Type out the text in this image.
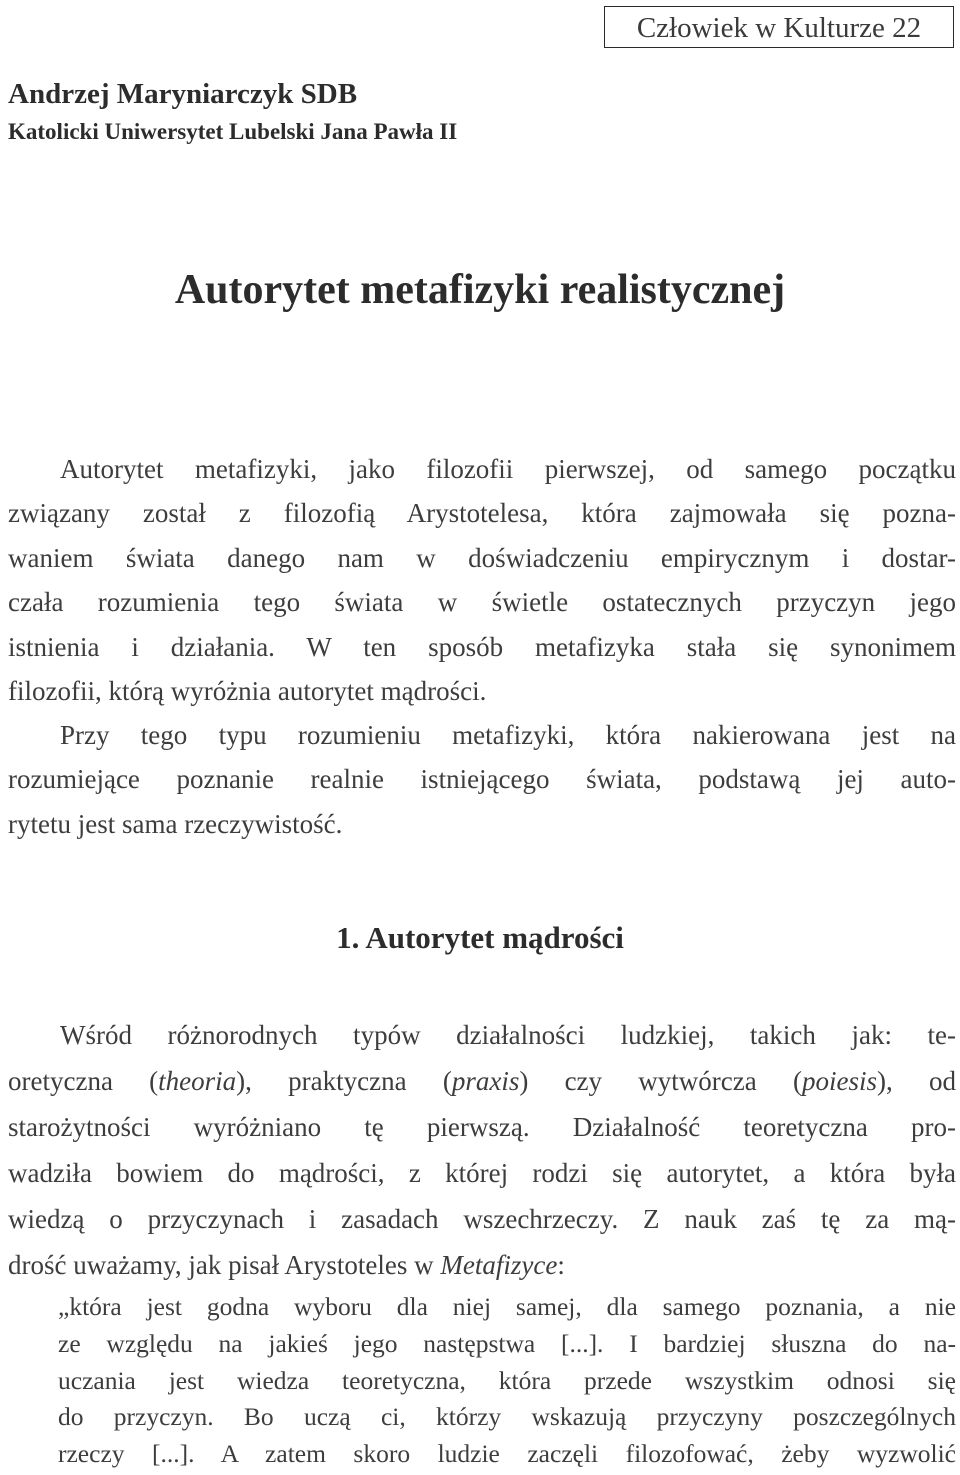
Człowiek w Kulturze 22
Andrzej Maryniarczyk SDB
Katolicki Uniwersytet Lubelski Jana Pawła II
Autorytet metafizyki realistycznej
Autorytet metafizyki, jako filozofii pierwszej, od samego początku
związany został z filozofią Arystotelesa, która zajmowała się pozna-
waniem świata danego nam w doświadczeniu empirycznym i dostar-
czała rozumienia tego świata w świetle ostatecznych przyczyn jego
istnienia i działania. W ten sposób metafizyka stała się synonimem
filozofii, którą wyróżnia autorytet mądrości.
Przy tego typu rozumieniu metafizyki, która nakierowana jest na
rozumiejące poznanie realnie istniejącego świata, podstawą jej auto-
rytetu jest sama rzeczywistość.
1. Autorytet mądrości
Wśród różnorodnych typów działalności ludzkiej, takich jak: te-
oretyczna (theoria), praktyczna (praxis) czy wytwórcza (poiesis), od
starożytności wyróżniano tę pierwszą. Działalność teoretyczna pro-
wadziła bowiem do mądrości, z której rodzi się autorytet, a która była
wiedzą o przyczynach i zasadach wszechrzeczy. Z nauk zaś tę za mą-
drość uważamy, jak pisał Arystoteles w Metafizyce:
„która jest godna wyboru dla niej samej, dla samego poznania, a nie
ze względu na jakieś jego następstwa [...]. I bardziej słuszna do na-
uczania jest wiedza teoretyczna, która przede wszystkim odnosi się
do przyczyn. Bo uczą ci, którzy wskazują przyczyny poszczególnych
rzeczy [...]. A zatem skoro ludzie zaczęli filozofować, żeby wyzwolić
